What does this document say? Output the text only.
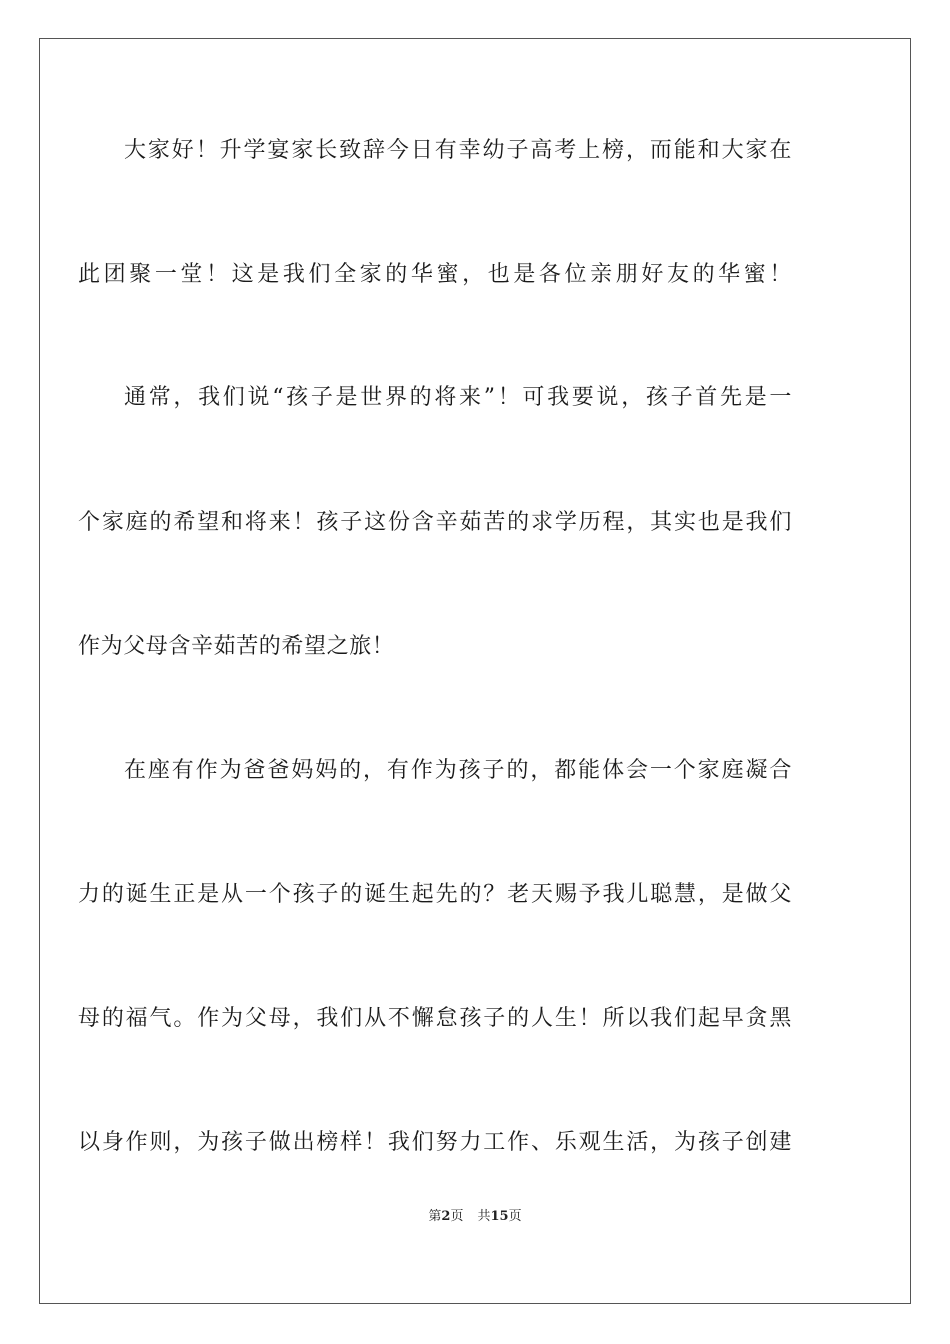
大家好！升学宴家长致辞今日有幸幼子高考上榜，而能和大家在
此团聚一堂！这是我们全家的华蜜，也是各位亲朋好友的华蜜！
通常，我们说“孩子是世界的将来”！可我要说，孩子首先是一
个家庭的希望和将来！孩子这份含辛茹苦的求学历程，其实也是我们
作为父母含辛茹苦的希望之旅！
在座有作为爸爸妈妈的，有作为孩子的，都能体会一个家庭凝合
力的诞生正是从一个孩子的诞生起先的？老天赐予我儿聪慧，是做父
母的福气。作为父母，我们从不懈怠孩子的人生！所以我们起早贪黑
以身作则，为孩子做出榜样！我们努力工作、乐观生活，为孩子创建
第2页 共15页
